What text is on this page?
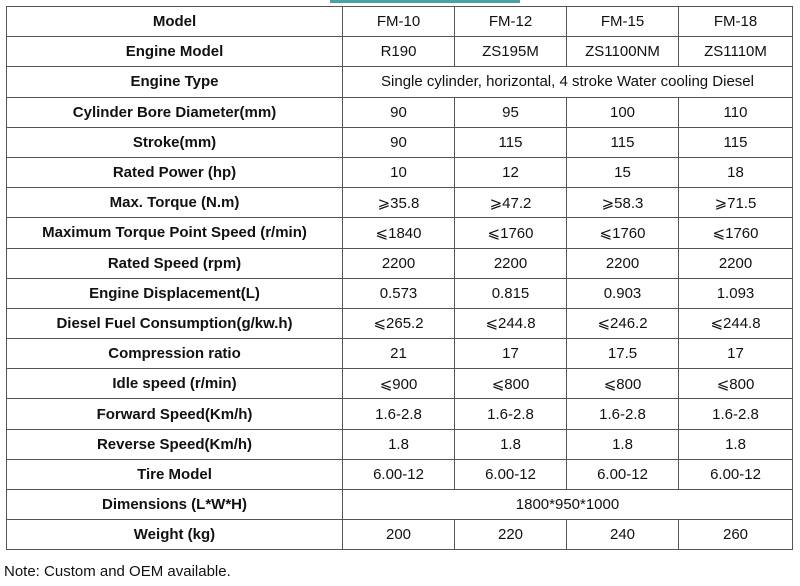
Model	FM-10	FM-12	FM-15	FM-18
Engine Model	R190	ZS195M	ZS1100NM	ZS1110M
Engine Type	Single cylinder, horizontal, 4 stroke Water cooling Diesel			
Cylinder Bore Diameter(mm)	90	95	100	110
Stroke(mm)	90	115	115	115
Rated Power (hp)	10	12	15	18
Max. Torque (N.m)	⩾35.8	⩾47.2	⩾58.3	⩾71.5
Maximum Torque Point Speed (r/min)	⩽1840	⩽1760	⩽1760	⩽1760
Rated Speed (rpm)	2200	2200	2200	2200
Engine Displacement(L)	0.573	0.815	0.903	1.093
Diesel Fuel Consumption(g/kw.h)	⩽265.2	⩽244.8	⩽246.2	⩽244.8
Compression ratio	21	17	17.5	17
Idle speed (r/min)	⩽900	⩽800	⩽800	⩽800
Forward Speed(Km/h)	1.6-2.8	1.6-2.8	1.6-2.8	1.6-2.8
Reverse Speed(Km/h)	1.8	1.8	1.8	1.8
Tire Model	6.00-12	6.00-12	6.00-12	6.00-12
Dimensions (L*W*H)	1800*950*1000			
Weight (kg)	200	220	240	260
Note: Custom and OEM available.
